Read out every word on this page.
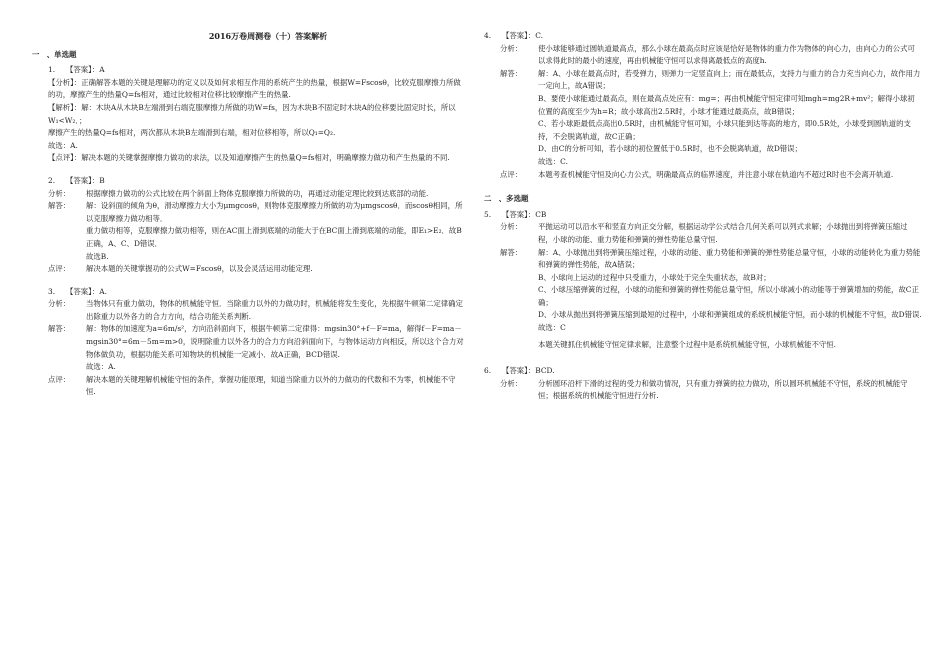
2016万卷周测卷（十）答案解析
一　、单选题
1. 【答案】：A

【分析】：正确解答本题的关键是理解功的定义以及如何求相互作用的系统产生的热量，根据W=Fscosθ，比较克服摩擦力所做的功，摩擦产生的热量Q=fs相对，通过比较相对位移比较摩擦产生的热量.

【解析】：解：木块A从木块B左端滑到右端克服摩擦力所做的功W=fs，因为木块B不固定时木块A的位移要比固定时长，所以W₁<W₂．；

摩擦产生的热量Q=fs相对，两次都从木块B左端滑到右端，相对位移相等，所以Q₁=Q₂.

故选：A.

【点评】：解决本题的关键掌握摩擦力做功的求法，以及知道摩擦产生的热量Q=fs相对，明确摩擦力做功和产生热量的不同.

2. 【答案】：B
分析：	根据摩擦力做功的公式比较在两个斜面上物体克服摩擦力所做的功，再通过动能定理比较到达底部的动能.

解答：	解：设斜面的倾角为θ，滑动摩擦力大小为μmgcosθ，则物体克服摩擦力所做的功为μmgscosθ．而scosθ相同，所以克服摩擦力做功相等．

重力做功相等，克服摩擦力做功相等，则在AC面上滑到底端的动能大于在BC面上滑到底端的动能，即E₁>E₂．故B正确，A、C、D错误．

故选B.

点评：	解决本题的关键掌握功的公式W=Fscosθ，以及会灵活运用动能定理.

3. 【答案】：A.
分析：	当物体只有重力做功，物体的机械能守恒．当除重力以外的力做功时，机械能将发生变化，先根据牛顿第二定律确定出除重力以外各力的合力方向，结合功能关系判断.

解答：	解：物体的加速度为a=6m/s²，方向沿斜面向下，根据牛顿第二定律得：mgsin30°+f－F=ma，解得f－F=ma－mgsin30°=6m－5m=m>0，说明除重力以外各力的合力方向沿斜面向下，与物体运动方向相反，所以这个合力对物体做负功，根据功能关系可知物块的机械能一定减小．故A正确，BCD错误.

故选：A.

点评：	解决本题的关键理解机械能守恒的条件，掌握功能原理，知道当除重力以外的力做功的代数和不为零，机械能不守恒.

4. 【答案】：C.
分析：	使小球能够通过圆轨道最高点，那么小球在最高点时应该是恰好是物体的重力作为物体的向心力，由向心力的公式可以求得此时的最小的速度，再由机械能守恒可以求得离最低点的高度h.

解答：	解：A、小球在最高点时，若受弹力，则弹力一定竖直向上；而在最低点，支持力与重力的合力充当向心力，故作用力一定向上，故A错误；

B、要使小球能通过最高点，则在最高点处应有：mg=；再由机械能守恒定律可知mgh=mg2R+mv²；解得小球初位置的高度至少为h=R；故小球高出2.5R时，小球才能通过最高点，故B错误；

C、若小球距最低点高出0.5R时，由机械能守恒可知，小球只能到达等高的地方，即0.5R处，小球受到圆轨道的支持，不会脱离轨道，故C正确；

D、由C的分析可知，若小球的初位置低于0.5R时，也不会脱离轨道，故D错误；

故选：C.

点评：	本题考查机械能守恒及向心力公式，明确最高点的临界速度，并注意小球在轨道内不超过R时也不会离开轨道.

二　、多选题
5. 【答案】：CB
分析：	平抛运动可以沿水平和竖直方向正交分解，根据运动学公式结合几何关系可以列式求解；小球抛出到将弹簧压缩过程，小球的动能、重力势能和弹簧的弹性势能总量守恒.

解答：	解：A、小球抛出到将弹簧压缩过程，小球的动能、重力势能和弹簧的弹性势能总量守恒，小球的动能转化为重力势能和弹簧的弹性势能，故A错误；

B、小球向上运动的过程中只受重力，小球处于完全失重状态，故B对；

C、小球压缩弹簧的过程，小球的动能和弹簧的弹性势能总量守恒，所以小球减小的动能等于弹簧增加的势能，故C正确；

D、小球从抛出到将弹簧压缩到最短的过程中，小球和弹簧组成的系统机械能守恒，而小球的机械能不守恒，故D错误.

故选：C

本题关键抓住机械能守恒定律求解，注意整个过程中是系统机械能守恒，小球机械能不守恒.

6. 【答案】：BCD.
分析：	分析圆环沿杆下滑的过程的受力和做功情况，只有重力弹簧的拉力做功，所以圆环机械能不守恒，系统的机械能守恒；根据系统的机械能守恒进行分析.
